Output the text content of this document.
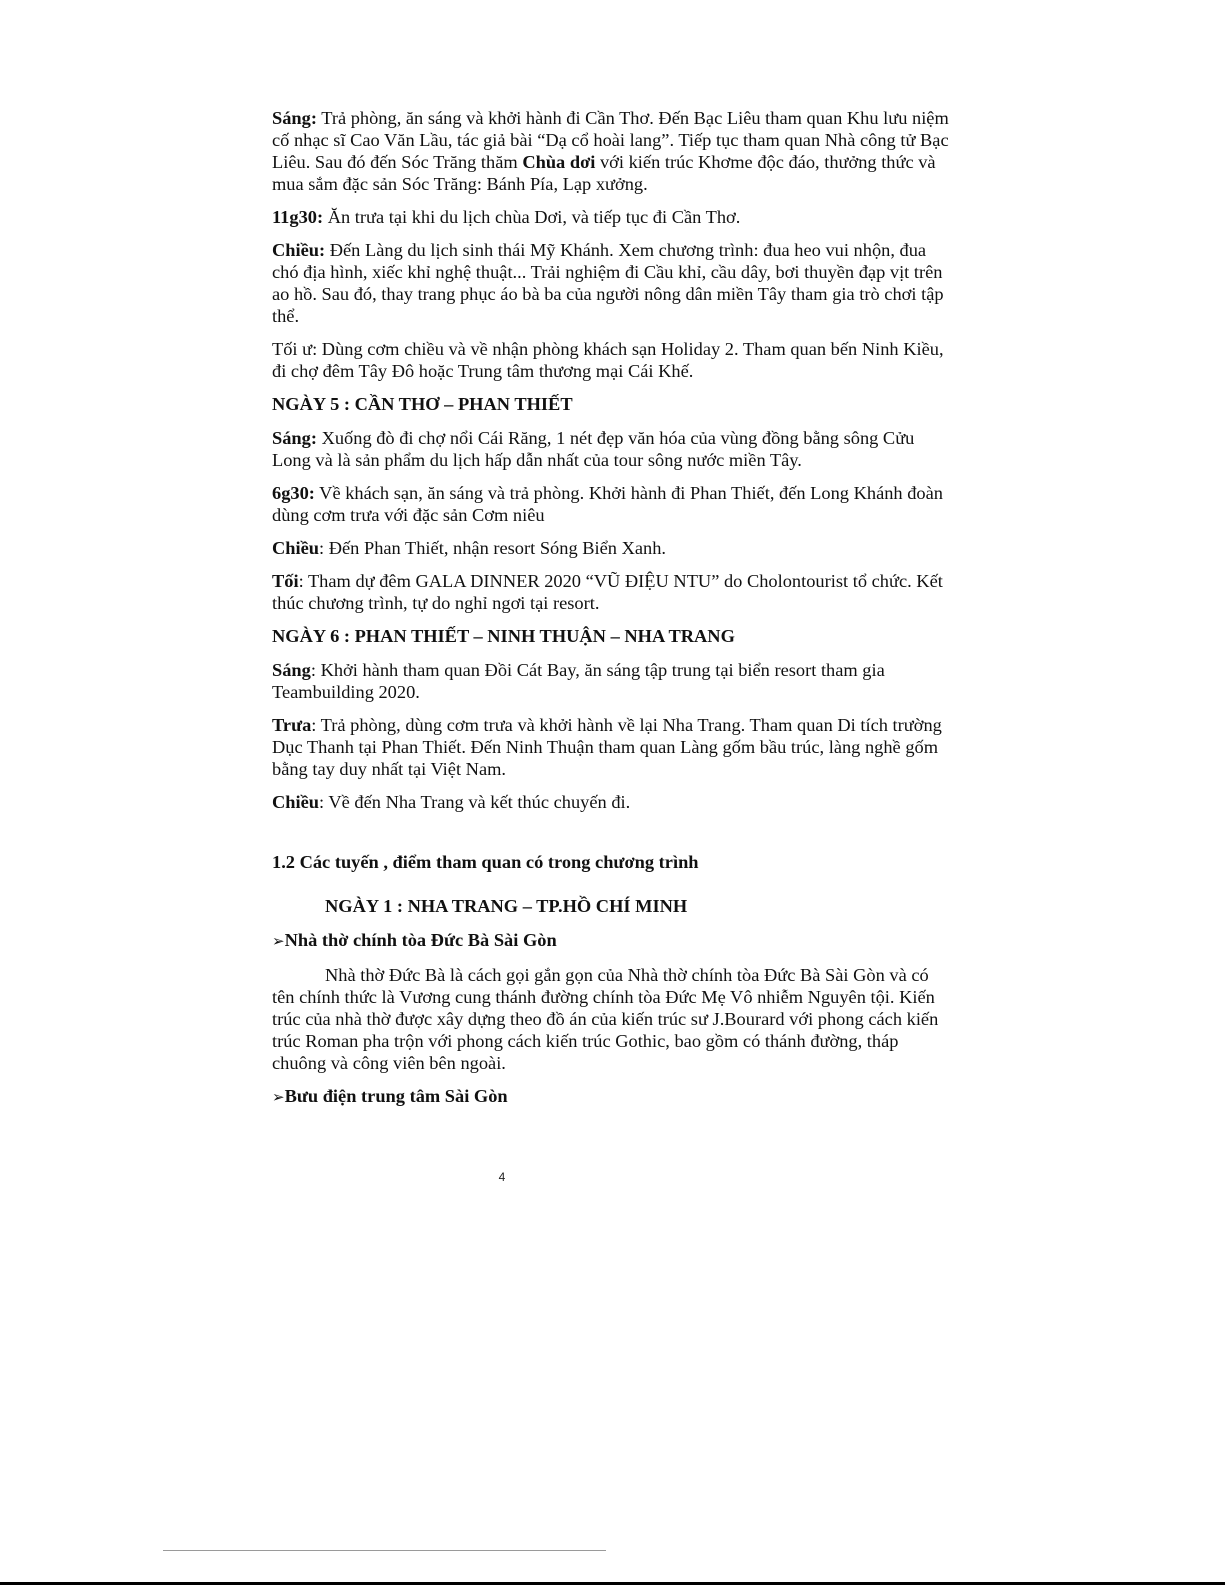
Sáng: Trả phòng, ăn sáng và khởi hành đi Cần Thơ. Đến Bạc Liêu tham quan Khu lưu niệm cố nhạc sĩ Cao Văn Lầu, tác giả bài “Dạ cổ hoài lang”. Tiếp tục tham quan Nhà công tử Bạc Liêu. Sau đó đến Sóc Trăng thăm Chùa dơi với kiến trúc Khơme độc đáo, thưởng thức và mua sắm đặc sản Sóc Trăng: Bánh Pía, Lạp xưởng.

11g30: Ăn trưa tại khi du lịch chùa Dơi, và tiếp tục đi Cần Thơ.

Chiều: Đến Làng du lịch sinh thái Mỹ Khánh. Xem chương trình: đua heo vui nhộn, đua chó địa hình, xiếc khỉ nghệ thuật... Trải nghiệm đi Cầu khỉ, cầu dây, bơi thuyền đạp vịt trên ao hồ. Sau đó, thay trang phục áo bà ba của người nông dân miền Tây tham gia trò chơi tập thể.

Tối ư: Dùng cơm chiều và về nhận phòng khách sạn Holiday 2. Tham quan bến Ninh Kiều, đi chợ đêm Tây Đô hoặc Trung tâm thương mại Cái Khế.

NGÀY 5 : CẦN THƠ – PHAN THIẾT

Sáng: Xuống đò đi chợ nổi Cái Răng, 1 nét đẹp văn hóa của vùng đồng bằng sông Cửu Long và là sản phẩm du lịch hấp dẫn nhất của tour sông nước miền Tây.

6g30: Về khách sạn, ăn sáng và trả phòng. Khởi hành đi Phan Thiết, đến Long Khánh đoàn dùng cơm trưa với đặc sản Cơm niêu

Chiều: Đến Phan Thiết, nhận resort Sóng Biển Xanh.

Tối: Tham dự đêm GALA DINNER 2020 “VŨ ĐIỆU NTU” do Cholontourist tổ chức. Kết thúc chương trình, tự do nghỉ ngơi tại resort.

NGÀY 6 : PHAN THIẾT – NINH THUẬN – NHA TRANG

Sáng: Khởi hành tham quan Đồi Cát Bay, ăn sáng tập trung tại biển resort tham gia Teambuilding 2020.

Trưa: Trả phòng, dùng cơm trưa và khởi hành về lại Nha Trang. Tham quan Di tích trường Dục Thanh tại Phan Thiết. Đến Ninh Thuận tham quan Làng gốm bầu trúc, làng nghề gốm bằng tay duy nhất tại Việt Nam.

Chiều: Về đến Nha Trang và kết thúc chuyến đi.

1.2 Các tuyến , điểm tham quan có trong chương trình
NGÀY 1 : NHA TRANG – TP.HỒ CHÍ MINH
➢Nhà thờ chính tòa Đức Bà Sài Gòn

Nhà thờ Đức Bà là cách gọi gắn gọn của Nhà thờ chính tòa Đức Bà Sài Gòn và có tên chính thức là Vương cung thánh đường chính tòa Đức Mẹ Vô nhiễm Nguyên tội. Kiến trúc của nhà thờ được xây dựng theo đồ án của kiến trúc sư J.Bourard với phong cách kiến trúc Roman pha trộn với phong cách kiến trúc Gothic, bao gồm có thánh đường, tháp chuông và công viên bên ngoài.

➢Bưu điện trung tâm Sài Gòn
4
